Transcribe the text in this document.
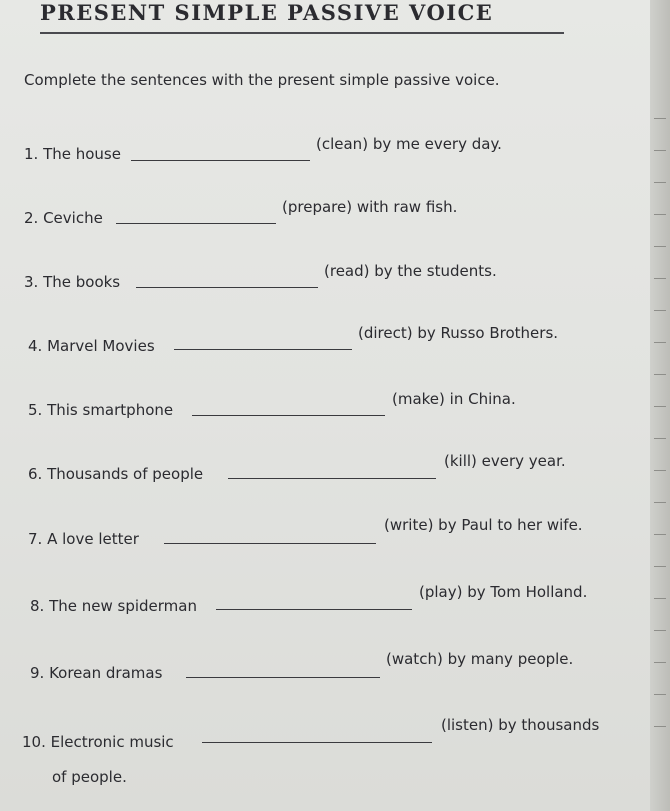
PRESENT SIMPLE PASSIVE VOICE
Complete the sentences with the present simple passive voice.
1. The house
(clean) by me every day.
2. Ceviche
(prepare) with raw fish.
3. The books
(read) by the students.
4. Marvel Movies
(direct) by Russo Brothers.
5. This smartphone
(make) in China.
6. Thousands of people
(kill) every year.
7. A love letter
(write) by Paul to her wife.
8. The new spiderman
(play) by Tom Holland.
9. Korean dramas
(watch) by many people.
10. Electronic music
(listen) by thousands
of people.
